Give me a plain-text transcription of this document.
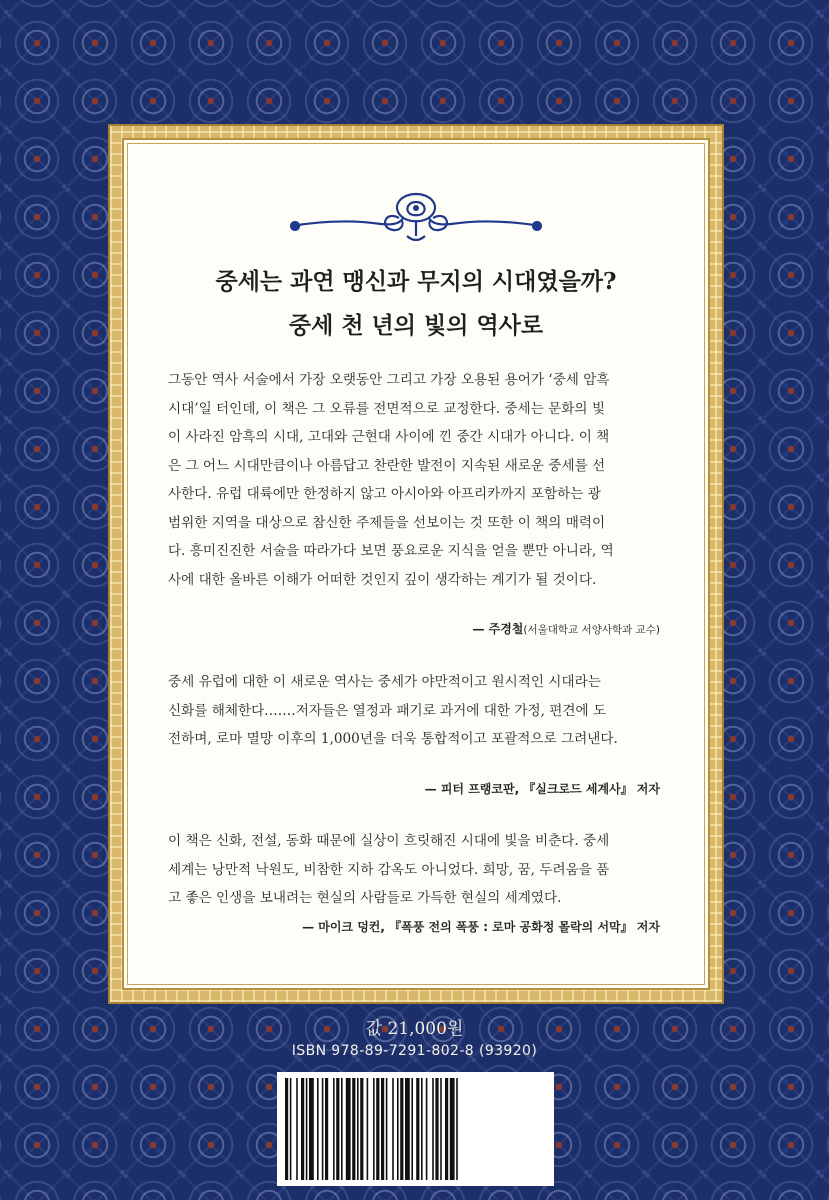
중세는 과연 맹신과 무지의 시대였을까?
중세 천 년의 빛의 역사로
그동안 역사 서술에서 가장 오랫동안 그리고 가장 오용된 용어가 ‘중세 암흑
시대’일 터인데, 이 책은 그 오류를 전면적으로 교정한다. 중세는 문화의 빛
이 사라진 암흑의 시대, 고대와 근현대 사이에 낀 중간 시대가 아니다. 이 책
은 그 어느 시대만큼이나 아름답고 찬란한 발전이 지속된 새로운 중세를 선
사한다. 유럽 대륙에만 한정하지 않고 아시아와 아프리카까지 포함하는 광
범위한 지역을 대상으로 참신한 주제들을 선보이는 것 또한 이 책의 매력이
다. 흥미진진한 서술을 따라가다 보면 풍요로운 지식을 얻을 뿐만 아니라, 역
사에 대한 올바른 이해가 어떠한 것인지 깊이 생각하는 계기가 될 것이다.
— 주경철(서울대학교 서양사학과 교수)
중세 유럽에 대한 이 새로운 역사는 중세가 야만적이고 원시적인 시대라는
신화를 해체한다.……저자들은 열정과 패기로 과거에 대한 가정, 편견에 도
전하며, 로마 멸망 이후의 1,000년을 더욱 통합적이고 포괄적으로 그려낸다.
— 피터 프랭코판, 『실크로드 세계사』 저자
이 책은 신화, 전설, 동화 때문에 실상이 흐릿해진 시대에 빛을 비춘다. 중세
세계는 낭만적 낙원도, 비참한 지하 감옥도 아니었다. 희망, 꿈, 두려움을 품
고 좋은 인생을 보내려는 현실의 사람들로 가득한 현실의 세계였다.
— 마이크 덩컨, 『폭풍 전의 폭풍 : 로마 공화정 몰락의 서막』 저자
값 21,000원
ISBN 978-89-7291-802-8 (93920)
